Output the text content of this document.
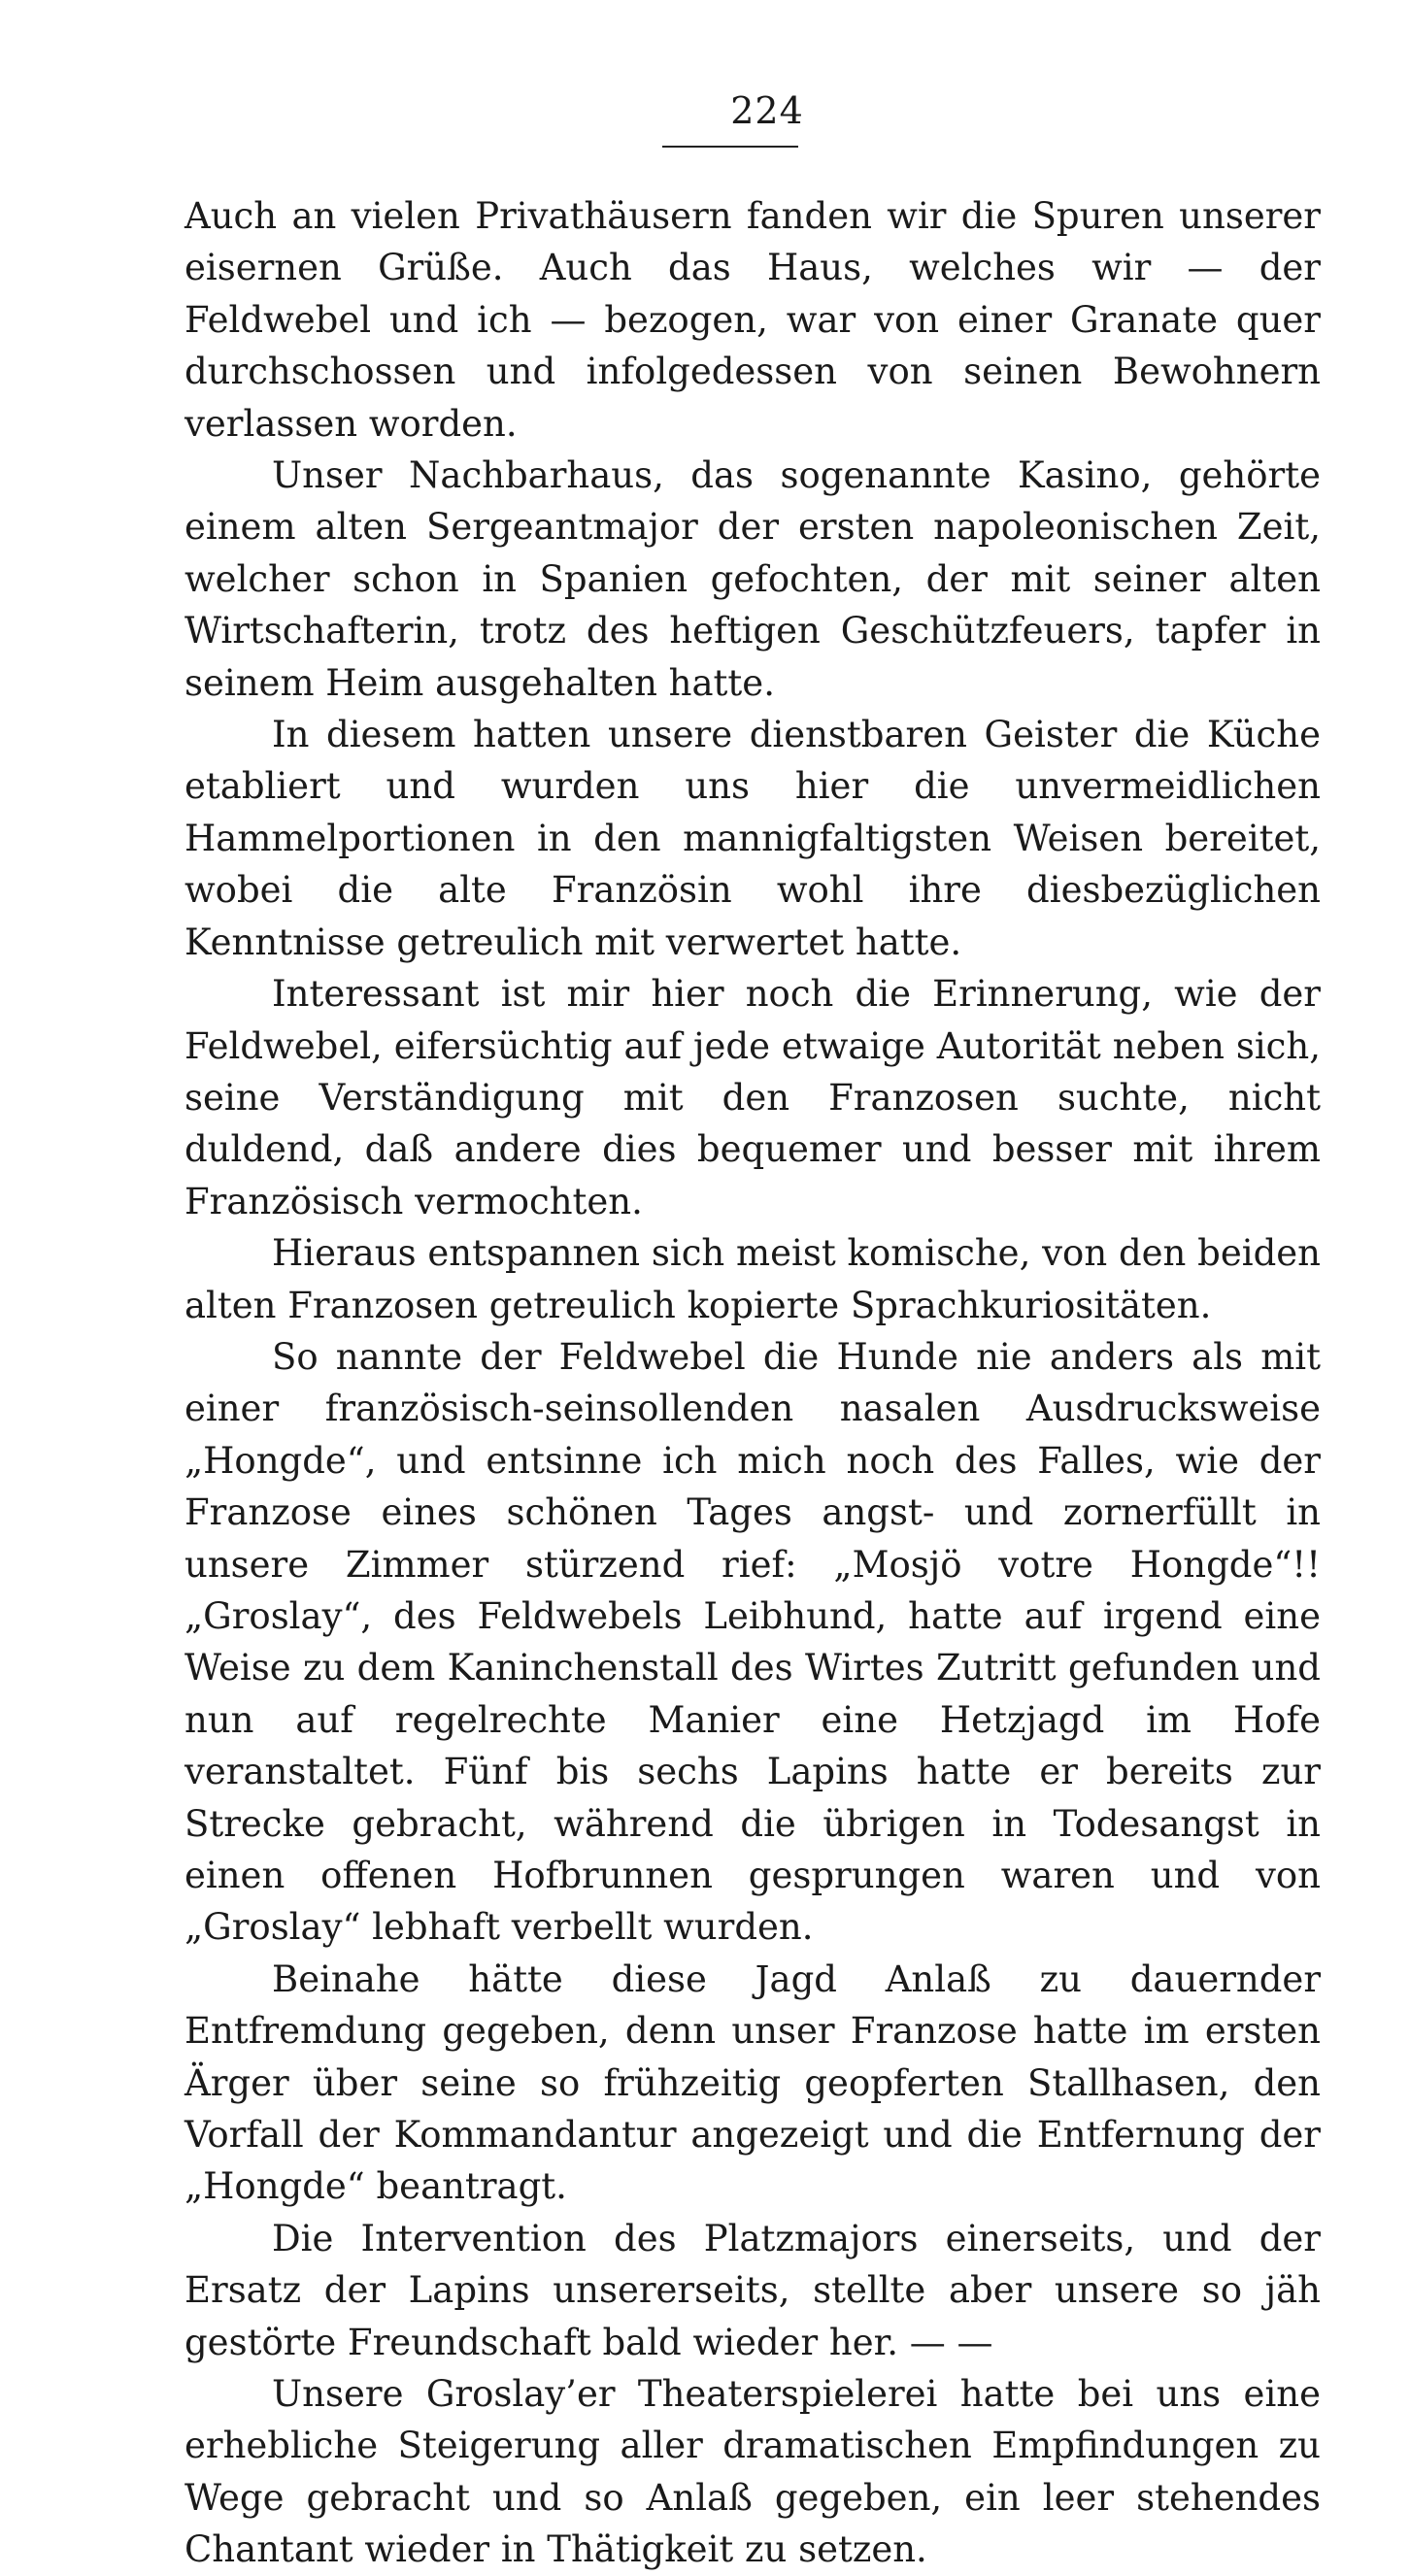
224

Auch an vielen Privathäusern fanden wir die Spuren unserer eisernen Grüße. Auch das Haus, welches wir — der Feldwebel und ich — bezogen, war von einer Granate quer durchschossen und infolgedessen von seinen Bewohnern verlassen worden.

Unser Nachbarhaus, das sogenannte Kasino, gehörte einem alten Sergeantmajor der ersten napoleonischen Zeit, welcher schon in Spanien gefochten, der mit seiner alten Wirtschafterin, trotz des heftigen Geschützfeuers, tapfer in seinem Heim ausgehalten hatte.

In diesem hatten unsere dienstbaren Geister die Küche etabliert und wurden uns hier die unvermeidlichen Hammelportionen in den mannigfaltigsten Weisen bereitet, wobei die alte Französin wohl ihre diesbezüglichen Kenntnisse getreulich mit verwertet hatte.

Interessant ist mir hier noch die Erinnerung, wie der Feldwebel, eifersüchtig auf jede etwaige Autorität neben sich, seine Verständigung mit den Franzosen suchte, nicht duldend, daß andere dies bequemer und besser mit ihrem Französisch vermochten.

Hieraus entspannen sich meist komische, von den beiden alten Franzosen getreulich kopierte Sprachkuriositäten.

So nannte der Feldwebel die Hunde nie anders als mit einer französisch-seinsollenden nasalen Ausdrucksweise „Hongde“, und entsinne ich mich noch des Falles, wie der Franzose eines schönen Tages angst- und zornerfüllt in unsere Zimmer stürzend rief: „Mosjö votre Hongde“!! „Groslay“, des Feldwebels Leibhund, hatte auf irgend eine Weise zu dem Kaninchenstall des Wirtes Zutritt gefunden und nun auf regelrechte Manier eine Hetzjagd im Hofe veranstaltet. Fünf bis sechs Lapins hatte er bereits zur Strecke gebracht, während die übrigen in Todesangst in einen offenen Hofbrunnen gesprungen waren und von „Groslay“ lebhaft verbellt wurden.

Beinahe hätte diese Jagd Anlaß zu dauernder Entfremdung gegeben, denn unser Franzose hatte im ersten Ärger über seine so frühzeitig geopferten Stallhasen, den Vorfall der Kommandantur angezeigt und die Entfernung der „Hongde“ beantragt.

Die Intervention des Platzmajors einerseits, und der Ersatz der Lapins unsererseits, stellte aber unsere so jäh gestörte Freundschaft bald wieder her. — —

Unsere Groslay’er Theaterspielerei hatte bei uns eine erhebliche Steigerung aller dramatischen Empfindungen zu Wege gebracht und so Anlaß gegeben, ein leer stehendes Chantant wieder in Thätigkeit zu setzen.
